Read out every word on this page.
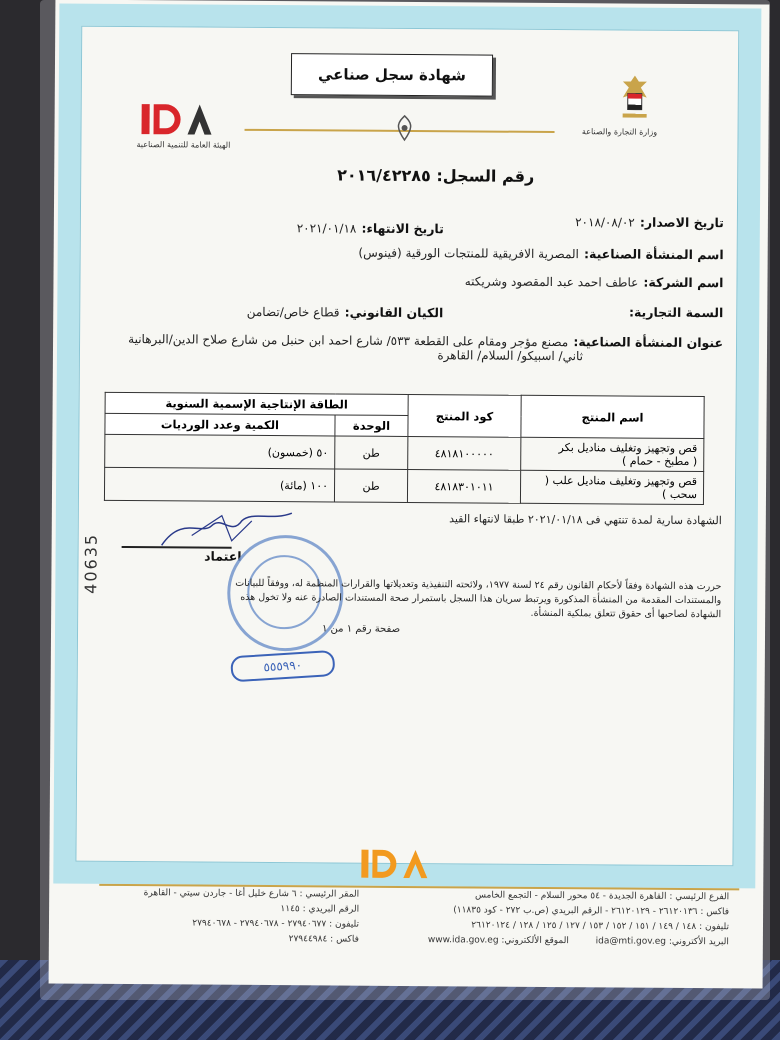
شهادة سجل صناعي
الهيئة العامة للتنمية الصناعية
وزارة التجارة والصناعة
رقم السجل: ٢٠١٦/٤٢٢٨٥
تاريخ الاصدار: ٢٠١٨/٠٨/٠٢
تاريخ الانتهاء: ٢٠٢١/٠١/١٨
اسم المنشأة الصناعية: المصرية الافريقية للمنتجات الورقية (فينوس)
اسم الشركة: عاطف احمد عبد المقصود وشريكته
السمة التجارية:
الكيان القانوني: قطاع خاص/تضامن
عنوان المنشأة الصناعية: مصنع مؤجر ومقام على القطعة ٥٣٣/ شارع احمد ابن حنبل من شارع صلاح الدين/البرهانية
ثاني/ اسبيكو/ السلام/ القاهرة
اسم المنتج	كود المنتج	الطاقة الإنتاجية الإسمية السنوية	
		الوحدة	الكمية وعدد الورديات

قص وتجهيز وتغليف مناديل بكر
( مطبخ - حمام )	٤٨١٨١٠٠٠٠٠	طن	٥٠ (خمسون)

قص وتجهيز وتغليف مناديل علب ( سحب )	٤٨١٨٣٠١٠١١	طن	١٠٠ (مائة)
الشهادة سارية لمدة تنتهي فى ٢٠٢١/٠١/١٨ طبقا لانتهاء القيد
اعتماد
40635	حررت هذه الشهادة وفقاً لأحكام القانون رقم ٢٤ لسنة ١٩٧٧، ولائحته التنفيذية وتعديلاتها والقرارات المنظمة له، ووفقاً للبيانات والمستندات المقدمة من المنشأة المذكورة ويرتبط سريان هذا السجل باستمرار صحة المستندات الصادرة عنه ولا تخول هذه الشهادة لصاحبها أى حقوق تتعلق بملكية المنشأة.
صفحة رقم ١ من ١
٥٥٥٩٩٠
الفرع الرئيسي : القاهرة الجديدة - ٥٤ محور السلام - التجمع الخامس
فاكس : ٢٦١٢٠١٣٦ - ٢٦١٢٠١٢٩ - الرقم البريدي (ص.ب ٢٧٢ - كود ١١٨٣٥)
تليفون : ١٤٨ / ١٤٩ / ١٥١ / ١٥٢ / ١٥٣ / ١٢٧ / ١٢٥ / ١٢٨ / ٢٦١٢٠١٢٤
البريد الأكتروني: ida@mti.gov.eg
الموقع الألكتروني: www.ida.gov.eg
المقر الرئيسي : ٦ شارع خليل أغا - جاردن سيتي - القاهرة
الرقم البريدي : ١١٤٥
تليفون : ٢٧٩٤٠٦٧٧ - ٢٧٩٤٠٦٧٨ - ٢٧٩٤٠٦٧٨
فاكس : ٢٧٩٤٤٩٨٤
